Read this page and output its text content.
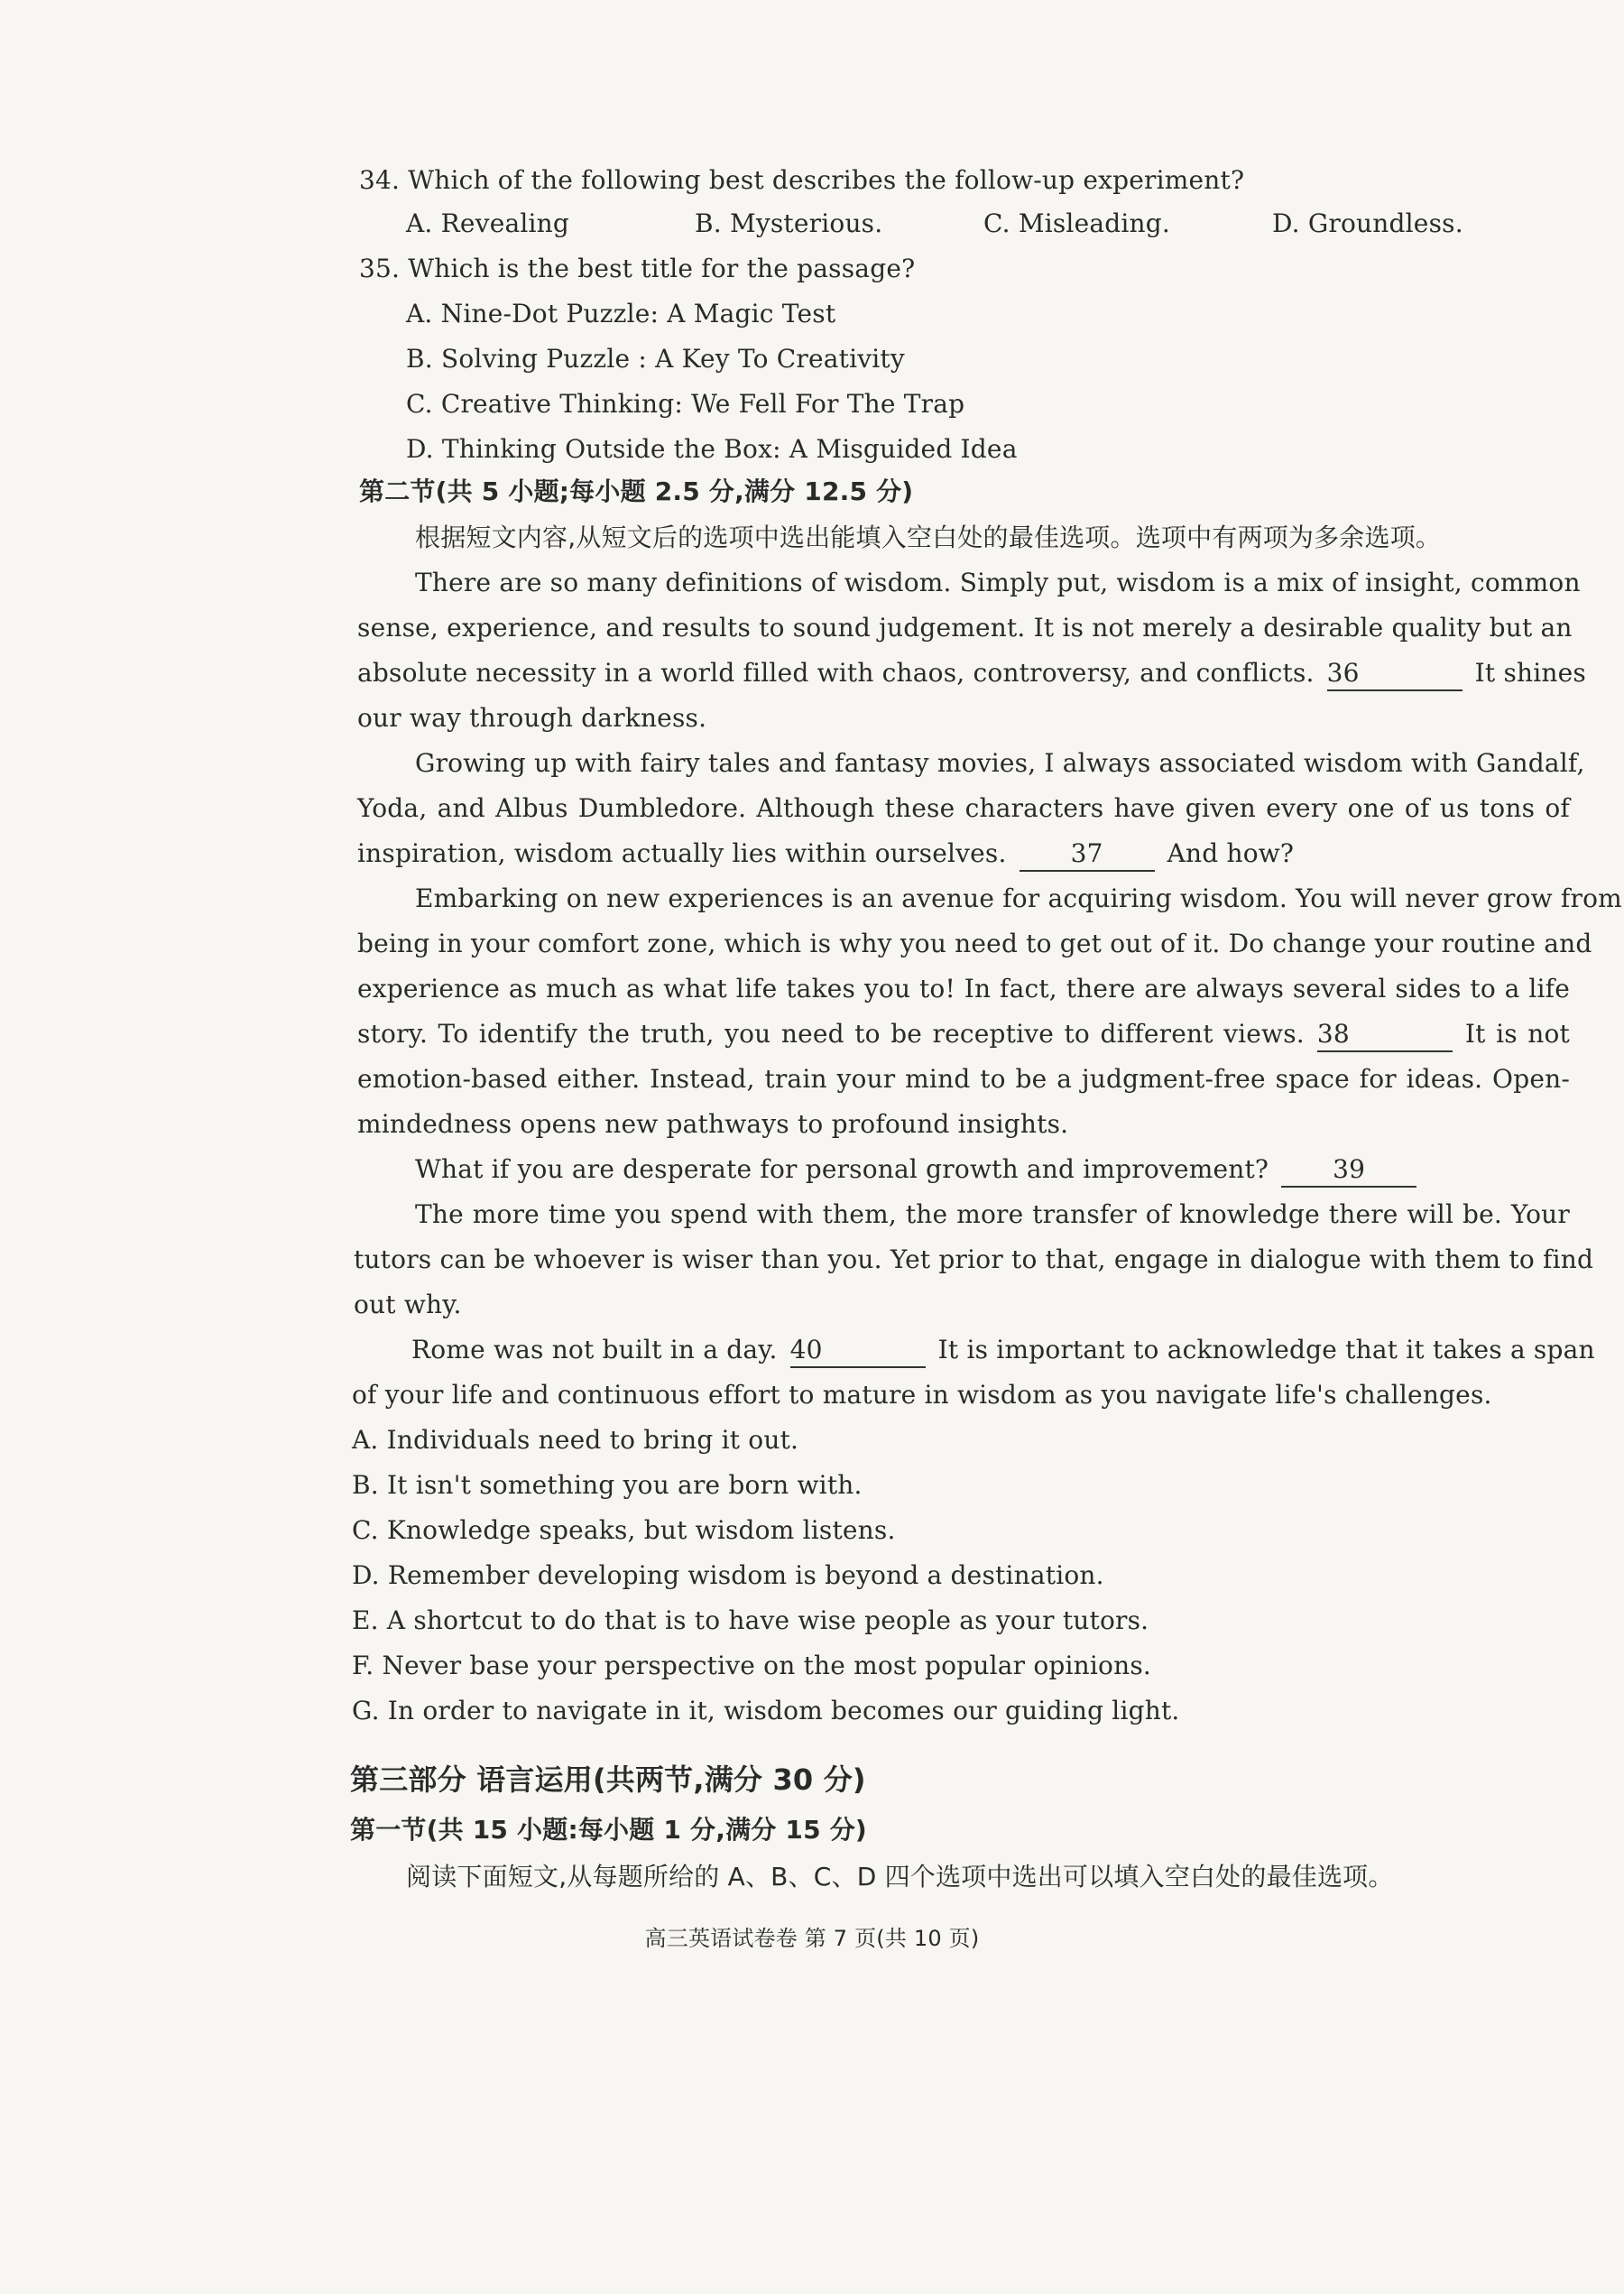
34. Which of the following best describes the follow-up experiment?
A. Revealing	B. Mysterious.	C. Misleading.	D. Groundless.
35. Which is the best title for the passage?
A. Nine-Dot Puzzle: A Magic Test
B. Solving Puzzle : A Key To Creativity
C. Creative Thinking: We Fell For The Trap
D. Thinking Outside the Box: A Misguided Idea
第二节(共 5 小题;每小题 2.5 分,满分 12.5 分)
根据短文内容,从短文后的选项中选出能填入空白处的最佳选项。选项中有两项为多余选项。
There are so many definitions of wisdom. Simply put, wisdom is a mix of insight, common
sense, experience, and results to sound judgement. It is not merely a desirable quality but an
absolute necessity in a world filled with chaos, controversy, and conflicts. 36	It shines
our way through darkness.
Growing up with fairy tales and fantasy movies, I always associated wisdom with Gandalf,
Yoda, and Albus Dumbledore. Although these characters have given every one of us tons of
inspiration, wisdom actually lies within ourselves.	37	And how?
Embarking on new experiences is an avenue for acquiring wisdom. You will never grow from
being in your comfort zone, which is why you need to get out of it. Do change your routine and
experience as much as what life takes you to! In fact, there are always several sides to a life
story. To identify the truth, you need to be receptive to different views. 38	It is not
emotion-based either. Instead, train your mind to be a judgment-free space for ideas. Open-
mindedness opens new pathways to profound insights.
What if you are desperate for personal growth and improvement?	39
The more time you spend with them, the more transfer of knowledge there will be. Your
tutors can be whoever is wiser than you. Yet prior to that, engage in dialogue with them to find
out why.
Rome was not built in a day. 40	It is important to acknowledge that it takes a span
of your life and continuous effort to mature in wisdom as you navigate life's challenges.
A. Individuals need to bring it out.
B. It isn't something you are born with.
C. Knowledge speaks, but wisdom listens.
D. Remember developing wisdom is beyond a destination.
E. A shortcut to do that is to have wise people as your tutors.
F. Never base your perspective on the most popular opinions.
G. In order to navigate in it, wisdom becomes our guiding light.
第三部分 语言运用(共两节,满分 30 分)
第一节(共 15 小题:每小题 1 分,满分 15 分)
阅读下面短文,从每题所给的 A、B、C、D 四个选项中选出可以填入空白处的最佳选项。
高三英语试卷卷 第 7 页(共 10 页)
